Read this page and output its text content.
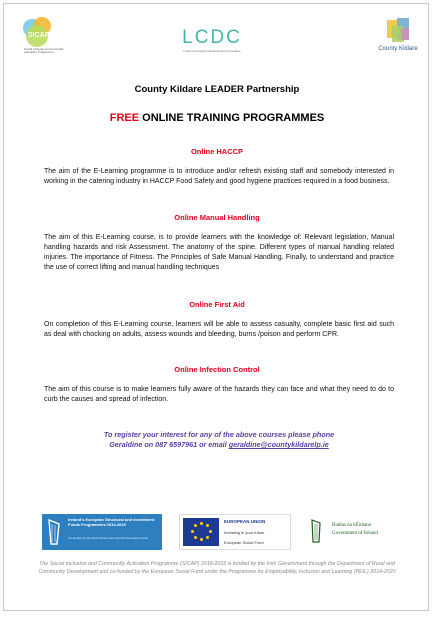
SICAP
Social Inclusion & Community Activation Programme
LCDC
Local Community Development Committee	County Kildare
County Kildare LEADER Partnership
FREE ONLINE TRAINING PROGRAMMES
Online HACCP
The aim of the E-Learning programme is to introduce and/or refresh existing staff and somebody interested in working in the catering industry in HACCP Food Safety and good hygiene practices required in a food business.
Online Manual Handling
The aim of this E-Learning course, is to provide learners with the knowledge of: Relevant legislation, Manual handling hazards and risk Assessment. The anatomy of the spine. Different types of manual handling related injuries. The importance of Fitness. The Principles of Safe Manual Handling. Finally, to understand and practice the use of correct lifting and manual handling techniques
Online First Aid
On completion of this E-Learning course, learners will be able to assess casualty, complete basic first aid such as deal with chocking on adults, assess wounds and bleeding, burns /poison and perform CPR.
Online Infection Control
The aim of this course is to make learners fully aware of the hazards they can face and what they need to do to curb the causes and spread of infection.
To register your interest for any of the above courses please phone
Geraldine on 087 6597961 or email geraldine@countykildarelp.ie
Ireland's European Structural and Investment Funds Programmes 2014-2020
Co-funded by the Irish Government and the European Union
EUROPEAN UNION
Investing in your future
European Social Fund
Rialtas na hÉireann
Government of Ireland
The Social Inclusion and Community Activation Programme (SICAP) 2018-2022 is funded by the Irish Government through the Department of Rural and Community Development and co-funded by the European Social Fund under the Programme for Employability, Inclusion and Learning (PEIL) 2014-2020
